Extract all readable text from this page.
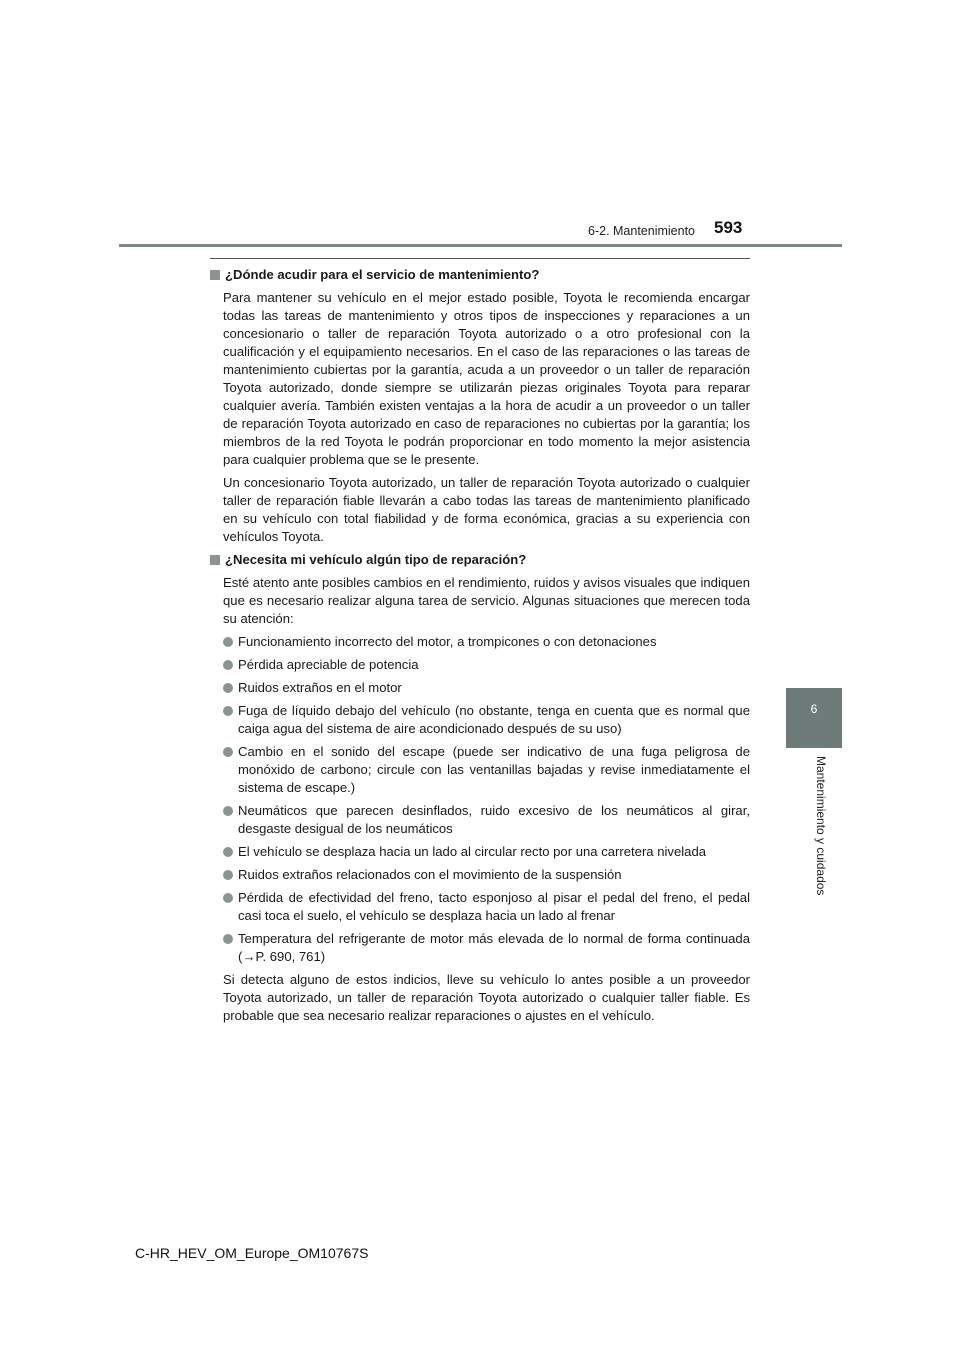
6-2. Mantenimiento 593
6
Mantenimiento y cuidados
¿Dónde acudir para el servicio de mantenimiento?

Para mantener su vehículo en el mejor estado posible, Toyota le recomienda encargar todas las tareas de mantenimiento y otros tipos de inspecciones y reparaciones a un concesionario o taller de reparación Toyota autorizado o a otro profesional con la cualificación y el equipamiento necesarios. En el caso de las reparaciones o las tareas de mantenimiento cubiertas por la garantía, acuda a un proveedor o un taller de reparación Toyota autorizado, donde siempre se utilizarán piezas originales Toyota para reparar cualquier avería. También existen ventajas a la hora de acudir a un proveedor o un taller de reparación Toyota autorizado en caso de reparaciones no cubiertas por la garantía; los miembros de la red Toyota le podrán proporcionar en todo momento la mejor asistencia para cualquier problema que se le presente.

Un concesionario Toyota autorizado, un taller de reparación Toyota autorizado o cualquier taller de reparación fiable llevarán a cabo todas las tareas de mantenimiento planificado en su vehículo con total fiabilidad y de forma económica, gracias a su experiencia con vehículos Toyota.

¿Necesita mi vehículo algún tipo de reparación?

Esté atento ante posibles cambios en el rendimiento, ruidos y avisos visuales que indiquen que es necesario realizar alguna tarea de servicio. Algunas situaciones que merecen toda su atención:

Funcionamiento incorrecto del motor, a trompicones o con detonaciones
Pérdida apreciable de potencia
Ruidos extraños en el motor
Fuga de líquido debajo del vehículo (no obstante, tenga en cuenta que es normal que caiga agua del sistema de aire acondicionado después de su uso)
Cambio en el sonido del escape (puede ser indicativo de una fuga peligrosa de monóxido de carbono; circule con las ventanillas bajadas y revise inmediatamente el sistema de escape.)
Neumáticos que parecen desinflados, ruido excesivo de los neumáticos al girar, desgaste desigual de los neumáticos
El vehículo se desplaza hacia un lado al circular recto por una carretera nivelada
Ruidos extraños relacionados con el movimiento de la suspensión
Pérdida de efectividad del freno, tacto esponjoso al pisar el pedal del freno, el pedal casi toca el suelo, el vehículo se desplaza hacia un lado al frenar
Temperatura del refrigerante de motor más elevada de lo normal de forma continuada (→P. 690, 761)

Si detecta alguno de estos indicios, lleve su vehículo lo antes posible a un proveedor Toyota autorizado, un taller de reparación Toyota autorizado o cualquier taller fiable. Es probable que sea necesario realizar reparaciones o ajustes en el vehículo.

C-HR_HEV_OM_Europe_OM10767S
